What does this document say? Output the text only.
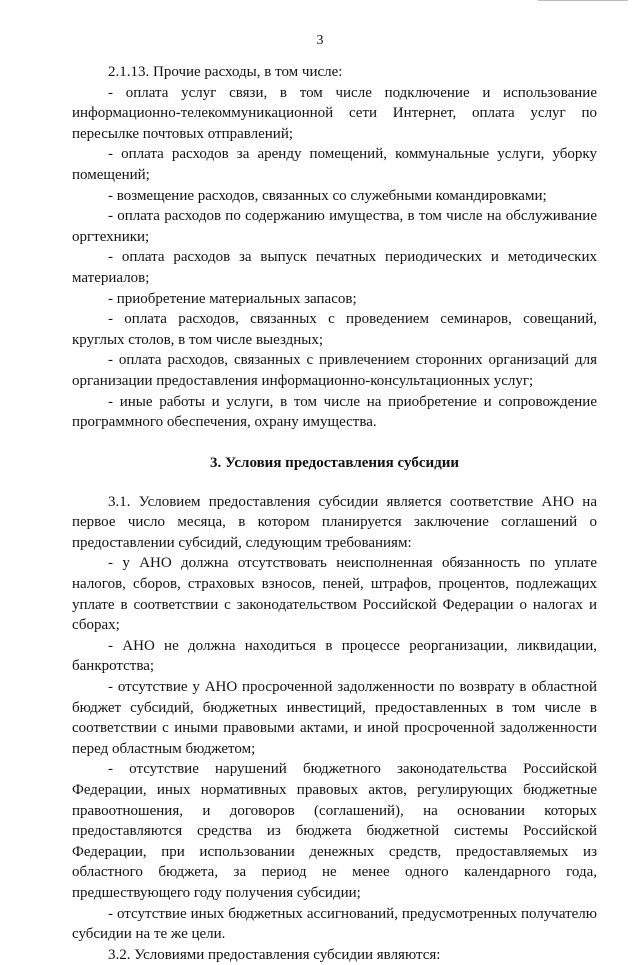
3

2.1.13. Прочие расходы, в том числе:

- оплата услуг связи, в том числе подключение и использование информационно-телекоммуникационной сети Интернет, оплата услуг по пересылке почтовых отправлений;

- оплата расходов за аренду помещений, коммунальные услуги, уборку помещений;

- возмещение расходов, связанных со служебными командировками;

- оплата расходов по содержанию имущества, в том числе на обслуживание оргтехники;

- оплата расходов за выпуск печатных периодических и методических материалов;

- приобретение материальных запасов;

- оплата расходов, связанных с проведением семинаров, совещаний, круглых столов, в том числе выездных;

- оплата расходов, связанных с привлечением сторонних организаций для организации предоставления информационно-консультационных услуг;

- иные работы и услуги, в том числе на приобретение и сопровождение программного обеспечения, охрану имущества.

3. Условия предоставления субсидии

3.1. Условием предоставления субсидии является соответствие АНО на первое число месяца, в котором планируется заключение соглашений о предоставлении субсидий, следующим требованиям:

- у АНО должна отсутствовать неисполненная обязанность по уплате налогов, сборов, страховых взносов, пеней, штрафов, процентов, подлежащих уплате в соответствии с законодательством Российской Федерации о налогах и сборах;

- АНО не должна находиться в процессе реорганизации, ликвидации, банкротства;

- отсутствие у АНО просроченной задолженности по возврату в областной бюджет субсидий, бюджетных инвестиций, предоставленных в том числе в соответствии с иными правовыми актами, и иной просроченной задолженности перед областным бюджетом;

- отсутствие нарушений бюджетного законодательства Российской Федерации, иных нормативных правовых актов, регулирующих бюджетные правоотношения, и договоров (соглашений), на основании которых предоставляются средства из бюджета бюджетной системы Российской Федерации, при использовании денежных средств, предоставляемых из областного бюджета, за период не менее одного календарного года, предшествующего году получения субсидии;

- отсутствие иных бюджетных ассигнований, предусмотренных получателю субсидии на те же цели.

3.2. Условиями предоставления субсидии являются:
